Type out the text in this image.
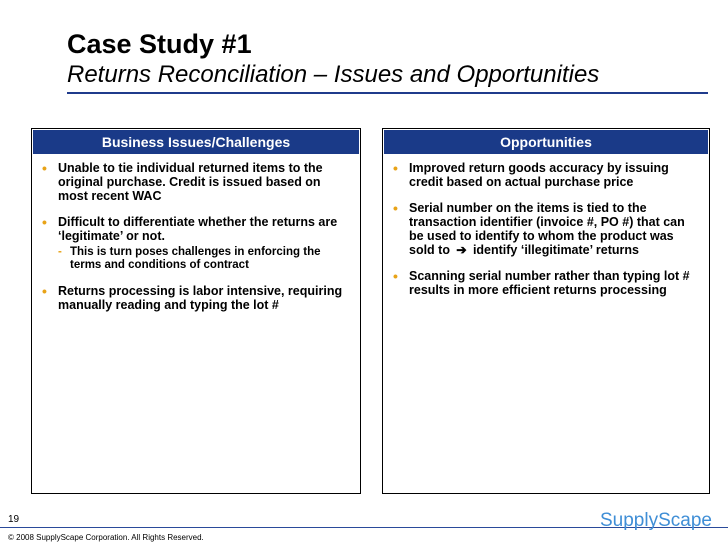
Case Study #1
Returns Reconciliation – Issues and Opportunities
Business Issues/Challenges
• Unable to tie individual returned items to the original purchase. Credit is issued based on most recent WAC
• Difficult to differentiate whether the returns are ‘legitimate’ or not.
- This is turn poses challenges in enforcing the terms and conditions of contract
• Returns processing is labor intensive, requiring manually reading and typing the lot #
Opportunities
• Improved return goods accuracy by issuing credit based on actual purchase price
• Serial number on the items is tied to the transaction identifier (invoice #, PO #) that can be used to identify to whom the product was sold to ➔ identify ‘illegitimate’ returns
• Scanning serial number rather than typing lot # results in more efficient returns processing
19
© 2008 SupplyScape Corporation. All Rights Reserved.
SupplyScape
